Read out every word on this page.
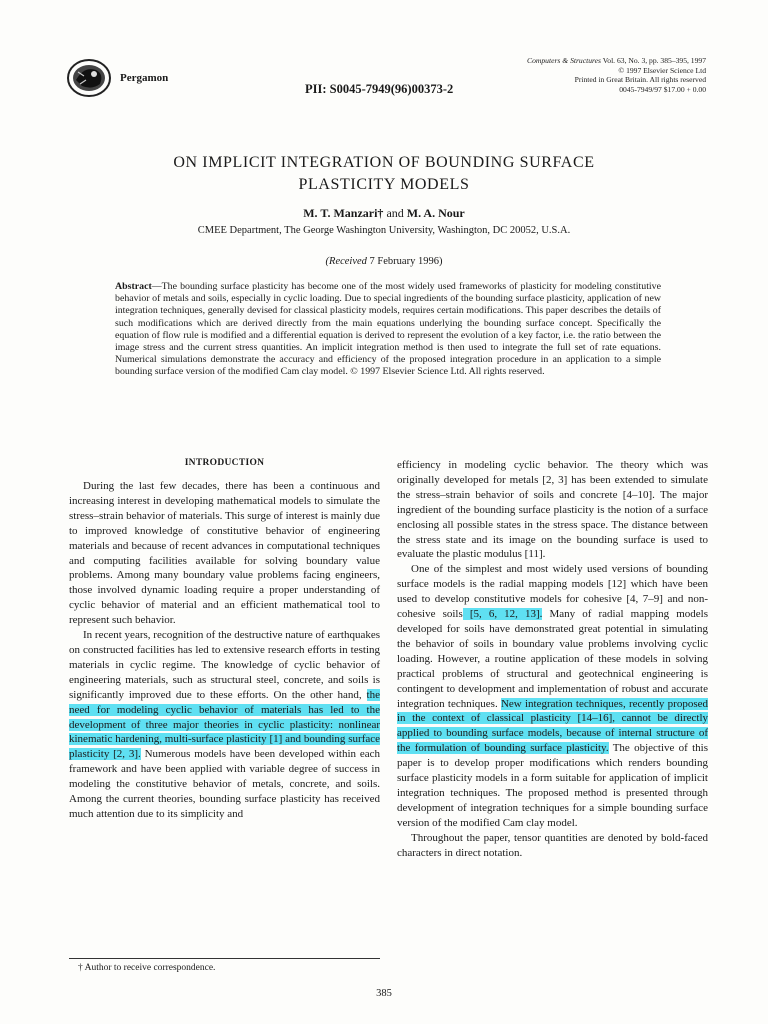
Pergamon
PII: S0045-7949(96)00373-2
Computers & Structures Vol. 63, No. 3, pp. 385–395, 1997
© 1997 Elsevier Science Ltd
Printed in Great Britain. All rights reserved
0045-7949/97 $17.00 + 0.00
ON IMPLICIT INTEGRATION OF BOUNDING SURFACE
PLASTICITY MODELS
M. T. Manzari† and M. A. Nour
CMEE Department, The George Washington University, Washington, DC 20052, U.S.A.
(Received 7 February 1996)
Abstract—The bounding surface plasticity has become one of the most widely used frameworks of plasticity for modeling constitutive behavior of metals and soils, especially in cyclic loading. Due to special ingredients of the bounding surface plasticity, application of new integration techniques, generally devised for classical plasticity models, requires certain modifications. This paper describes the details of such modifications which are derived directly from the main equations underlying the bounding surface concept. Specifically the equation of flow rule is modified and a differential equation is derived to represent the evolution of a key factor, i.e. the ratio between the image stress and the current stress quantities. An implicit integration method is then used to integrate the full set of rate equations. Numerical simulations demonstrate the accuracy and efficiency of the proposed integration procedure in an application to a simple bounding surface version of the modified Cam clay model. © 1997 Elsevier Science Ltd. All rights reserved.
INTRODUCTION

During the last few decades, there has been a continuous and increasing interest in developing mathematical models to simulate the stress–strain behavior of materials. This surge of interest is mainly due to improved knowledge of constitutive behavior of engineering materials and because of recent advances in computational techniques and computing facilities available for solving boundary value problems. Among many boundary value problems facing engineers, those involved dynamic loading require a proper understanding of cyclic behavior of material and an efficient mathematical tool to represent such behavior.

In recent years, recognition of the destructive nature of earthquakes on constructed facilities has led to extensive research efforts in testing materials in cyclic regime. The knowledge of cyclic behavior of engineering materials, such as structural steel, concrete, and soils is significantly improved due to these efforts. On the other hand, the need for modeling cyclic behavior of materials has led to the development of three major theories in cyclic plasticity: nonlinear kinematic hardening, multi-surface plasticity [1] and bounding surface plasticity [2, 3]. Numerous models have been developed within each framework and have been applied with variable degree of success in modeling the constitutive behavior of metals, concrete, and soils. Among the current theories, bounding surface plasticity has received much attention due to its simplicity and

efficiency in modeling cyclic behavior. The theory which was originally developed for metals [2, 3] has been extended to simulate the stress–strain behavior of soils and concrete [4–10]. The major ingredient of the bounding surface plasticity is the notion of a surface enclosing all possible states in the stress space. The distance between the stress state and its image on the bounding surface is used to evaluate the plastic modulus [11].

One of the simplest and most widely used versions of bounding surface models is the radial mapping models [12] which have been used to develop constitutive models for cohesive [4, 7–9] and non-cohesive soils [5, 6, 12, 13]. Many of radial mapping models developed for soils have demonstrated great potential in simulating the behavior of soils in boundary value problems involving cyclic loading. However, a routine application of these models in solving practical problems of structural and geotechnical engineering is contingent to development and implementation of robust and accurate integration techniques. New integration techniques, recently proposed in the context of classical plasticity [14–16], cannot be directly applied to bounding surface models, because of internal structure of the formulation of bounding surface plasticity. The objective of this paper is to develop proper modifications which renders bounding surface plasticity models in a form suitable for application of implicit integration techniques. The proposed method is presented through development of integration techniques for a simple bounding surface version of the modified Cam clay model.

Throughout the paper, tensor quantities are denoted by bold-faced characters in direct notation.

† Author to receive correspondence.
385
